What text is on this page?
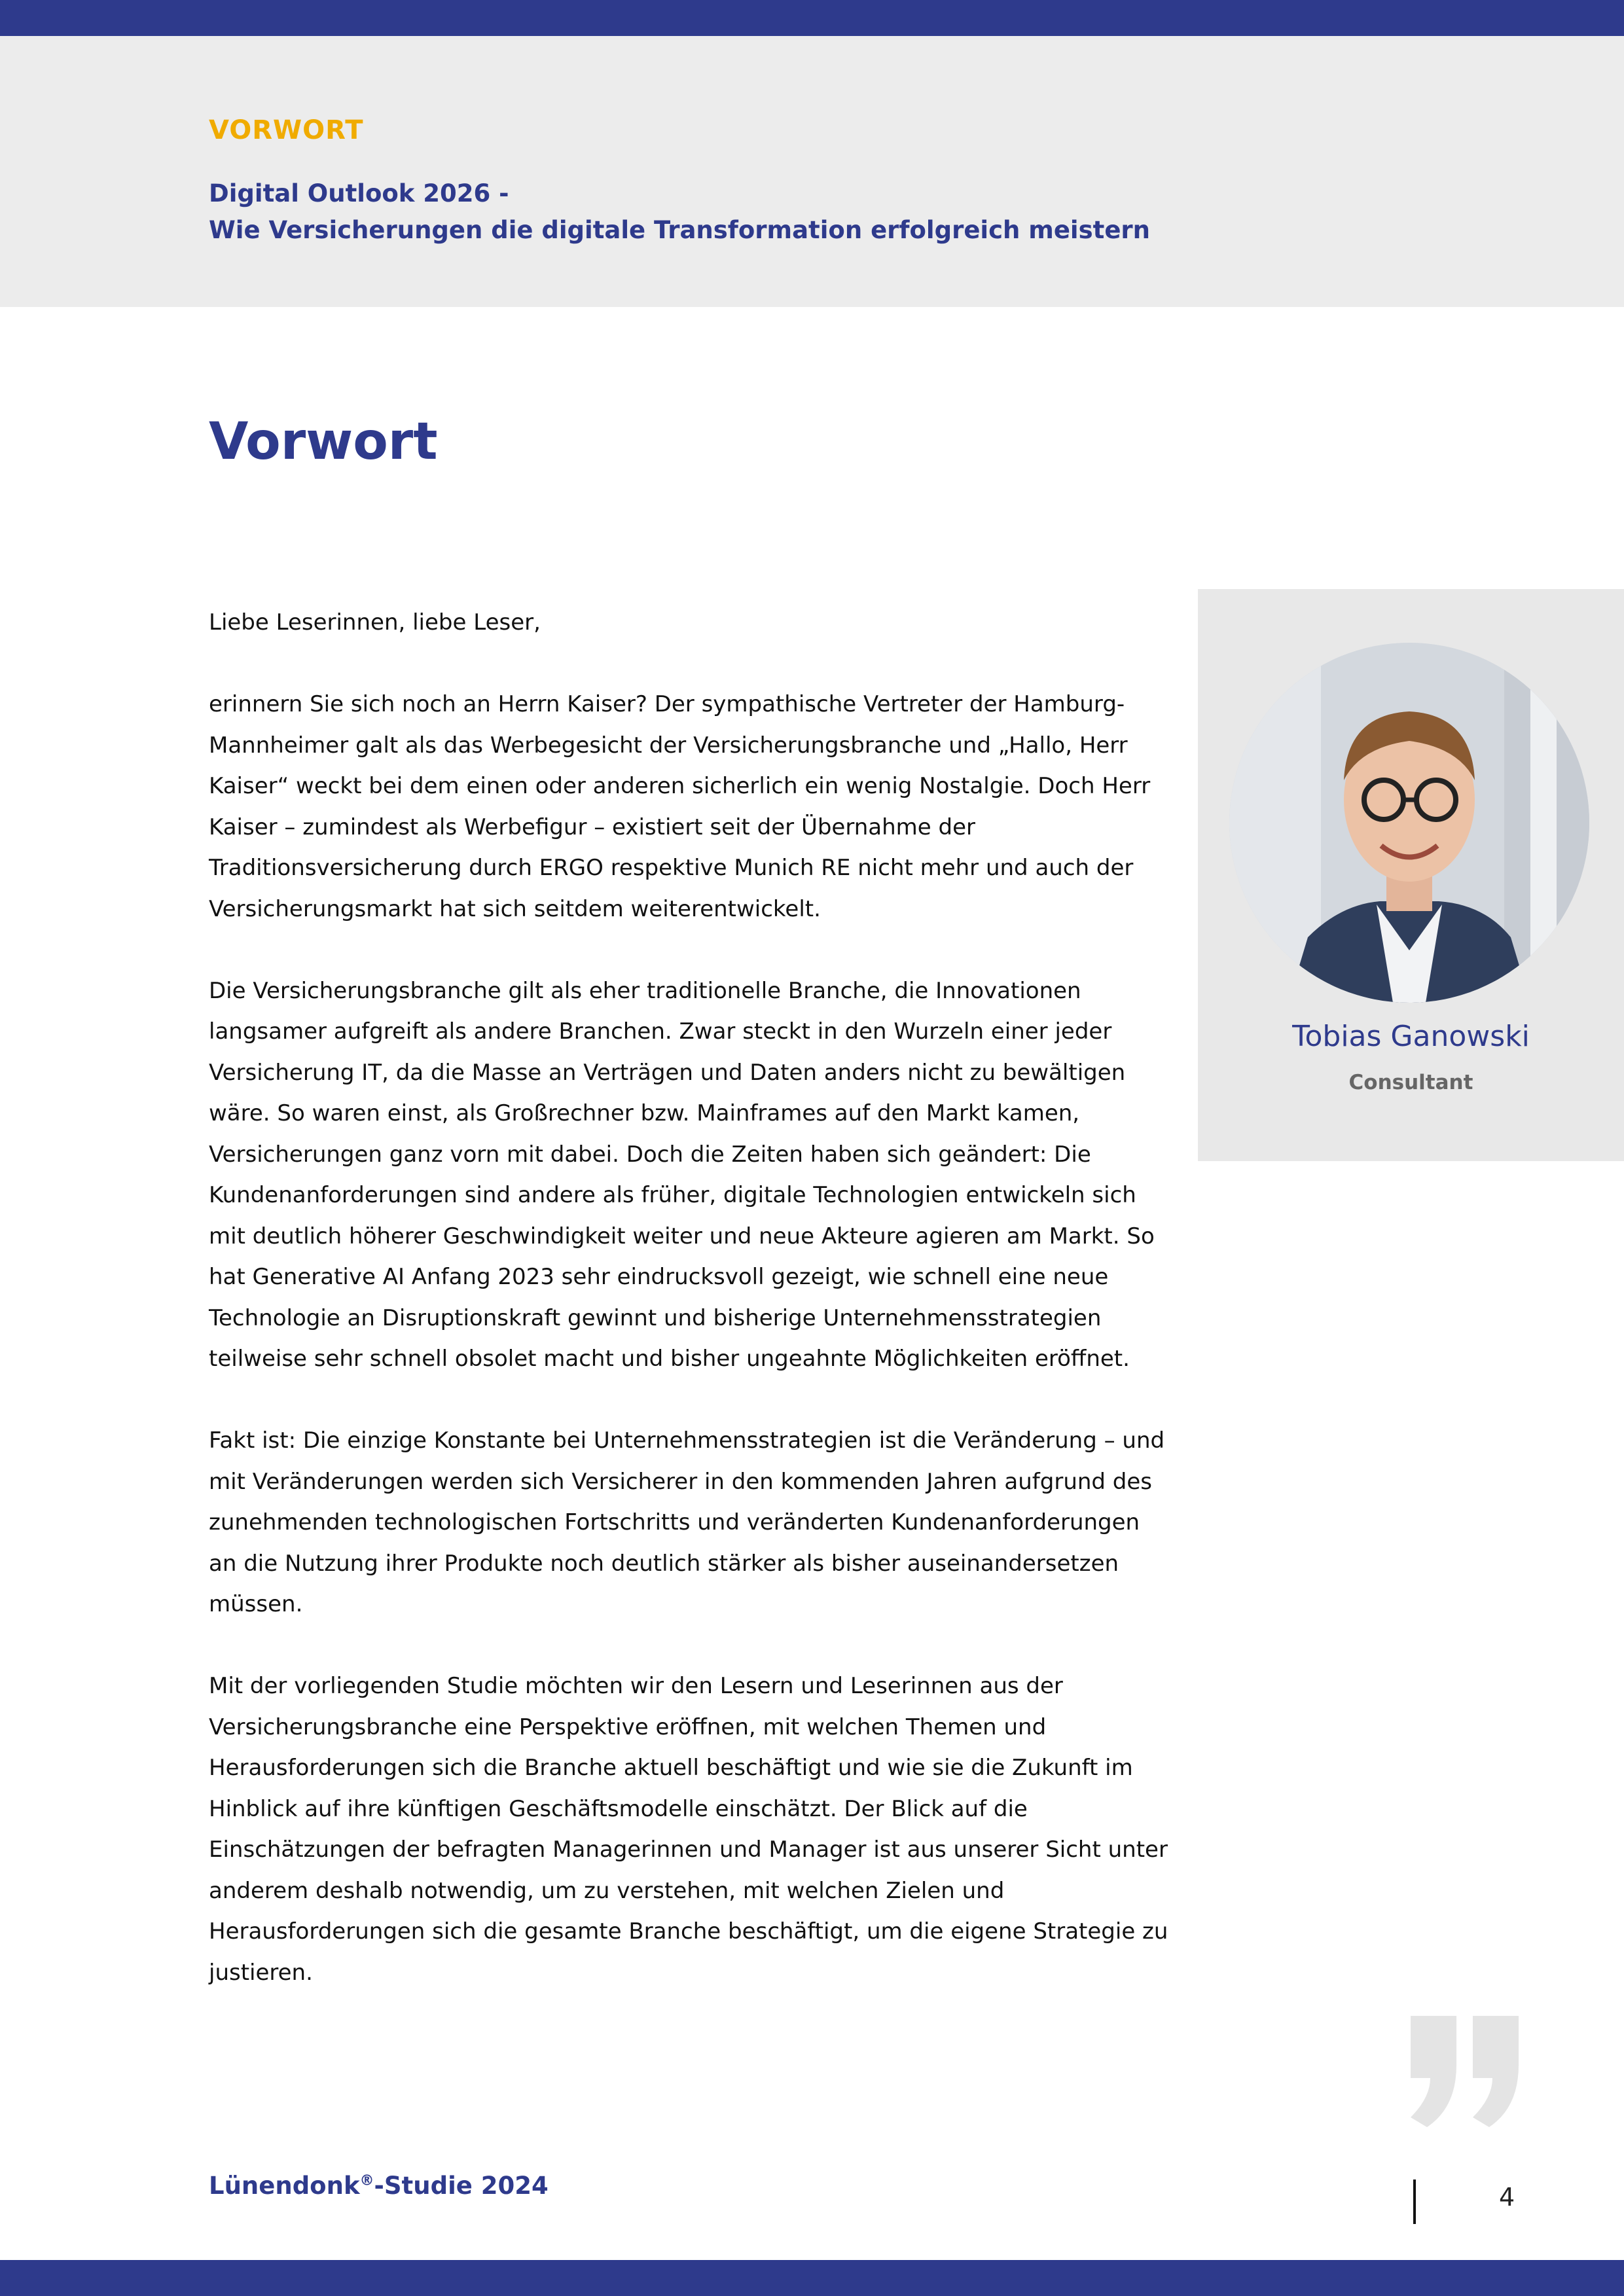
VORWORT
Digital Outlook 2026 -
Wie Versicherungen die digitale Transformation erfolgreich meistern
Vorwort

Liebe Leserinnen, liebe Leser,

erinnern Sie sich noch an Herrn Kaiser? Der sympathische Vertreter der Hamburg-Mannheimer galt als das Werbegesicht der Versicherungsbranche und „Hallo, Herr Kaiser“ weckt bei dem einen oder anderen sicherlich ein wenig Nostalgie. Doch Herr Kaiser – zumindest als Werbefigur – existiert seit der Übernahme der Traditionsversicherung durch ERGO respektive Munich RE nicht mehr und auch der Versicherungsmarkt hat sich seitdem weiterentwickelt.

Die Versicherungsbranche gilt als eher traditionelle Branche, die Innovationen langsamer aufgreift als andere Branchen. Zwar steckt in den Wurzeln einer jeder Versicherung IT, da die Masse an Verträgen und Daten anders nicht zu bewältigen wäre. So waren einst, als Großrechner bzw. Mainframes auf den Markt kamen, Versicherungen ganz vorn mit dabei. Doch die Zeiten haben sich geändert: Die Kundenanforderungen sind andere als früher, digitale Technologien entwickeln sich mit deutlich höherer Geschwindigkeit weiter und neue Akteure agieren am Markt. So hat Generative AI Anfang 2023 sehr eindrucksvoll gezeigt, wie schnell eine neue Technologie an Disruptionskraft gewinnt und bisherige Unternehmensstrategien teilweise sehr schnell obsolet macht und bisher ungeahnte Möglichkeiten eröffnet.

Fakt ist: Die einzige Konstante bei Unternehmensstrategien ist die Veränderung – und mit Veränderungen werden sich Versicherer in den kommenden Jahren aufgrund des zunehmenden technologischen Fortschritts und veränderten Kundenanforderungen an die Nutzung ihrer Produkte noch deutlich stärker als bisher auseinandersetzen müssen.

Mit der vorliegenden Studie möchten wir den Lesern und Leserinnen aus der Versicherungsbranche eine Perspektive eröffnen, mit welchen Themen und Herausforderungen sich die Branche aktuell beschäftigt und wie sie die Zukunft im Hinblick auf ihre künftigen Geschäftsmodelle einschätzt. Der Blick auf die Einschätzungen der befragten Managerinnen und Manager ist aus unserer Sicht unter anderem deshalb notwendig, um zu verstehen, mit welchen Zielen und Herausforderungen sich die gesamte Branche beschäftigt, um die eigene Strategie zu justieren.

Tobias Ganowski
Consultant
Lünendonk®-Studie 2024	4
